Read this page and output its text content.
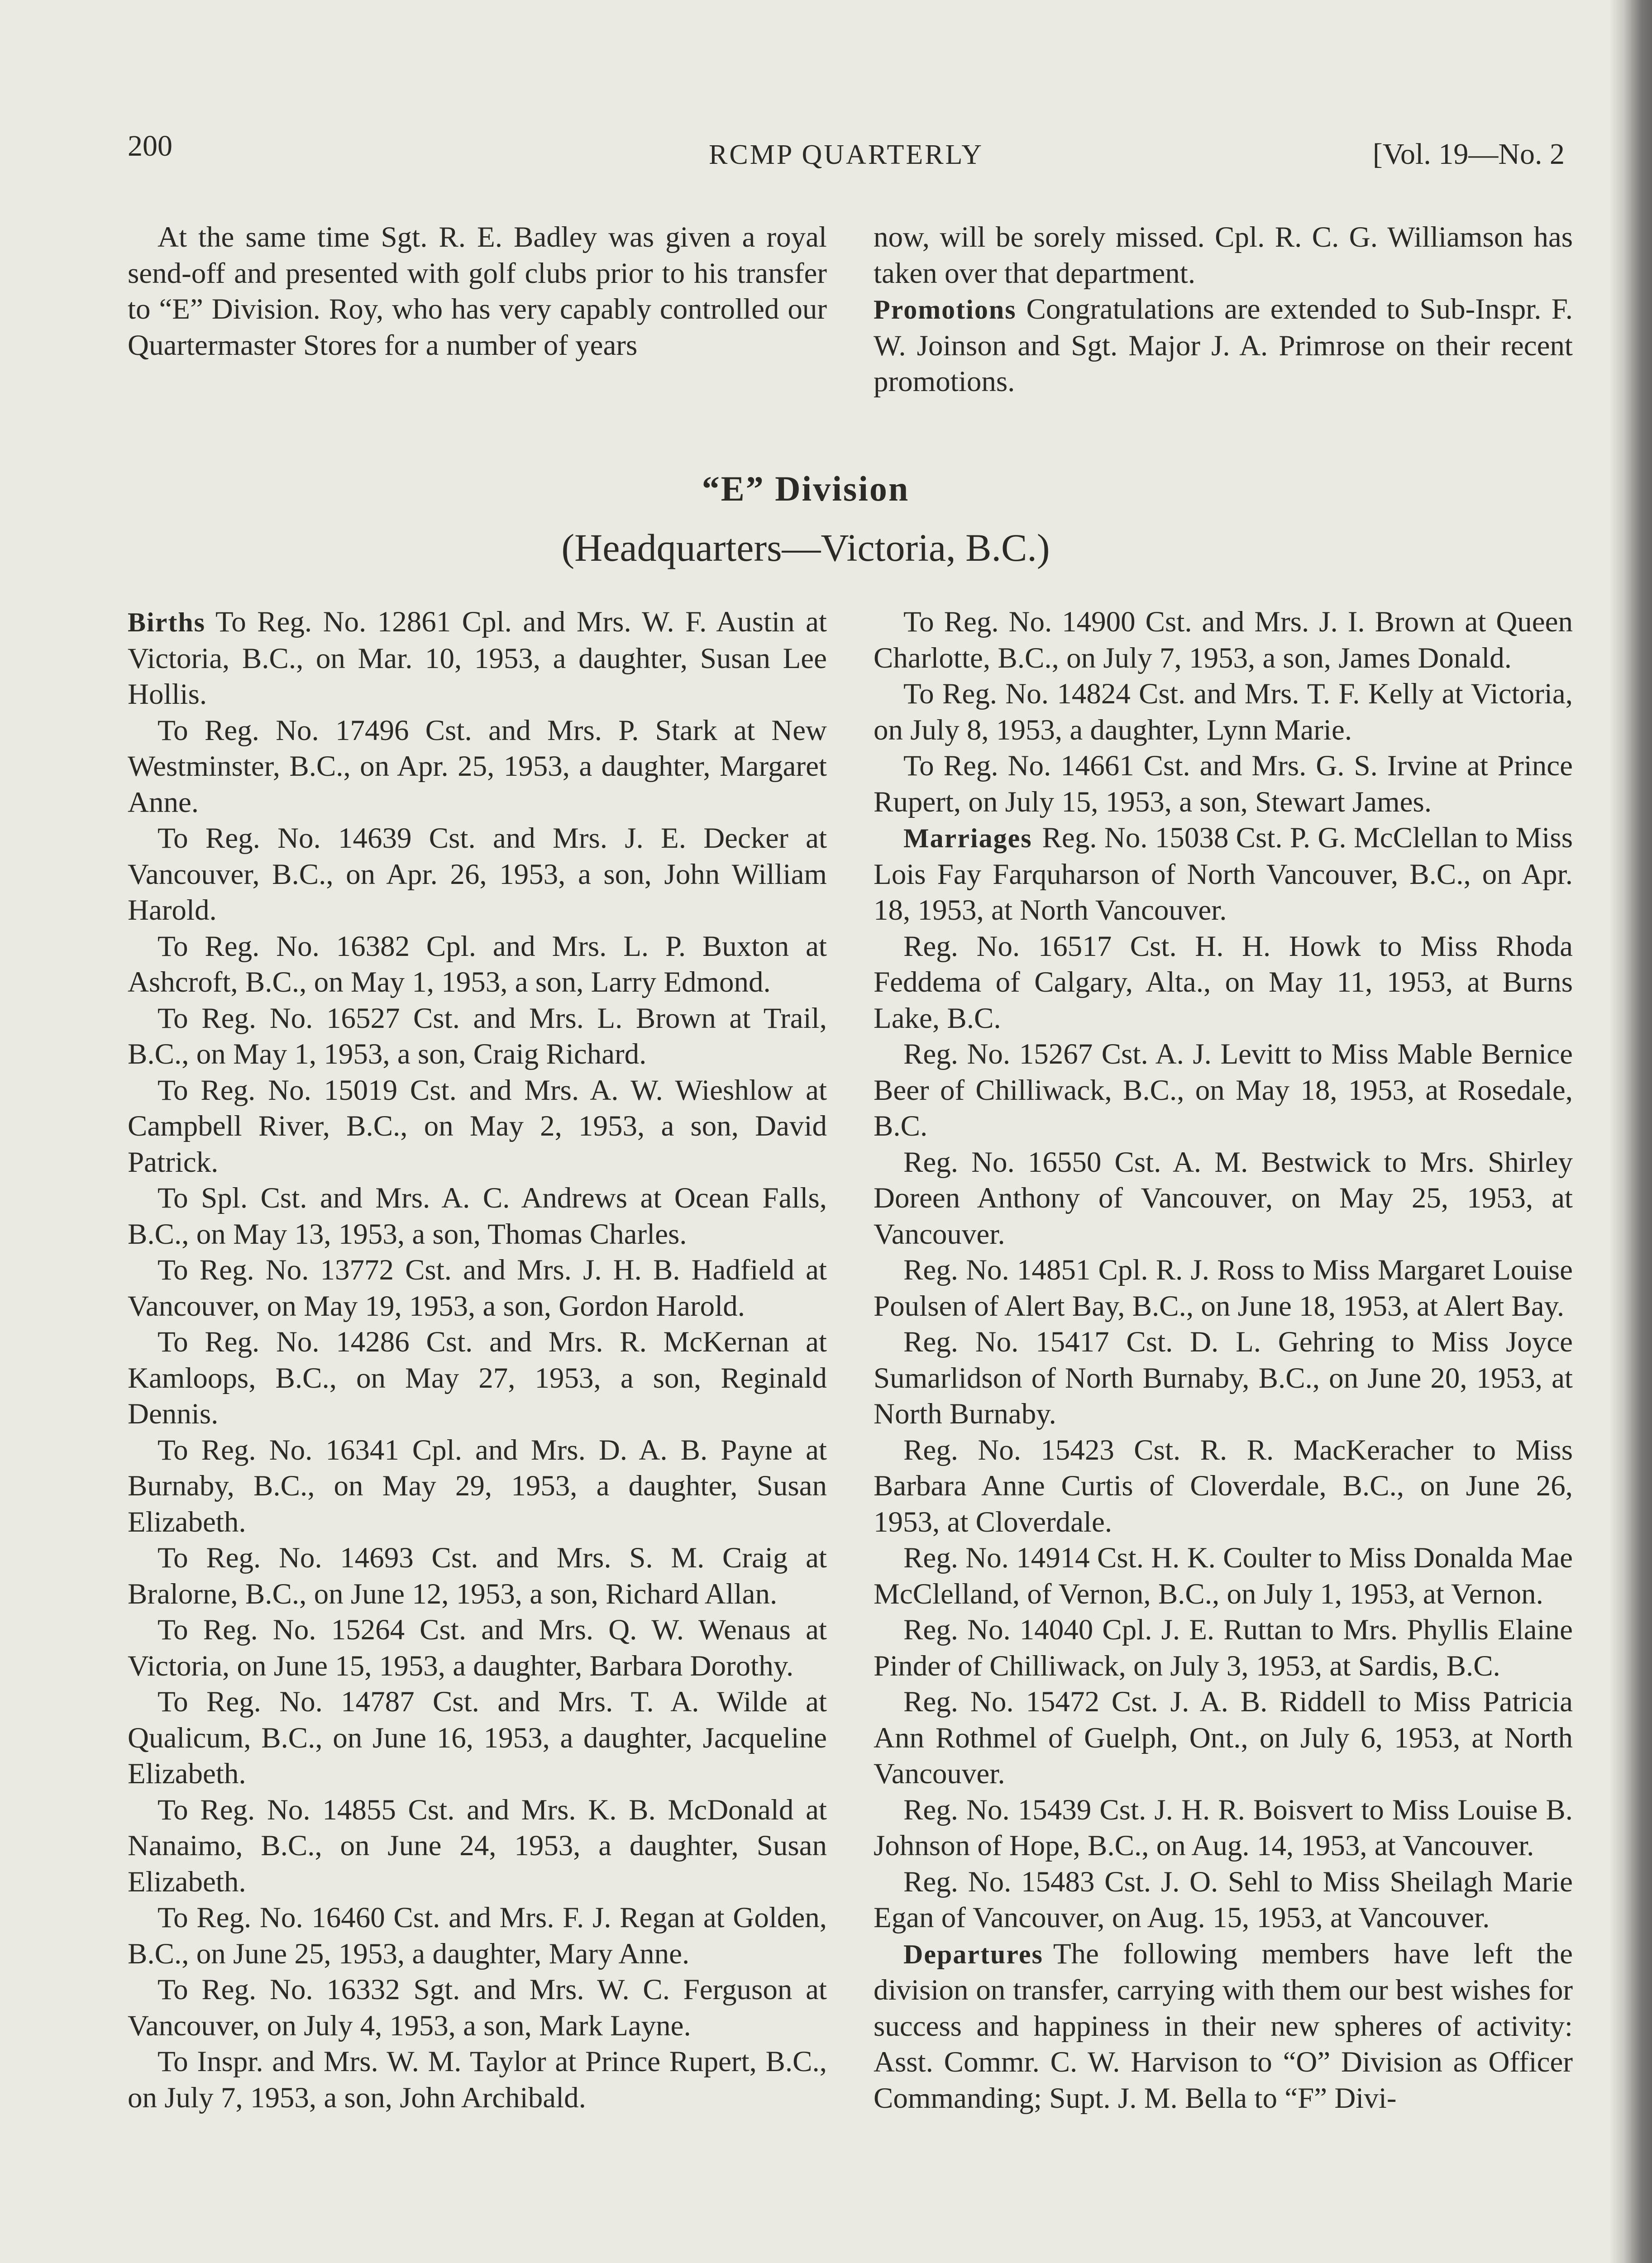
200	RCMP QUARTERLY	[Vol. 19—No. 2

At the same time Sgt. R. E. Badley was given a royal send-off and presented with golf clubs prior to his transfer to “E” Division. Roy, who has very capably controlled our Quartermaster Stores for a number of years

now, will be sorely missed. Cpl. R. C. G. Williamson has taken over that department.

Promotions Congratulations are extended to Sub-Inspr. F. W. Joinson and Sgt. Major J. A. Primrose on their recent promotions.

“E” Division
(Headquarters—Victoria, B.C.)

Births To Reg. No. 12861 Cpl. and Mrs. W. F. Austin at Victoria, B.C., on Mar. 10, 1953, a daughter, Susan Lee Hollis.

To Reg. No. 17496 Cst. and Mrs. P. Stark at New Westminster, B.C., on Apr. 25, 1953, a daughter, Margaret Anne.

To Reg. No. 14639 Cst. and Mrs. J. E. Decker at Vancouver, B.C., on Apr. 26, 1953, a son, John William Harold.

To Reg. No. 16382 Cpl. and Mrs. L. P. Buxton at Ashcroft, B.C., on May 1, 1953, a son, Larry Edmond.

To Reg. No. 16527 Cst. and Mrs. L. Brown at Trail, B.C., on May 1, 1953, a son, Craig Richard.

To Reg. No. 15019 Cst. and Mrs. A. W. Wieshlow at Campbell River, B.C., on May 2, 1953, a son, David Patrick.

To Spl. Cst. and Mrs. A. C. Andrews at Ocean Falls, B.C., on May 13, 1953, a son, Thomas Charles.

To Reg. No. 13772 Cst. and Mrs. J. H. B. Hadfield at Vancouver, on May 19, 1953, a son, Gordon Harold.

To Reg. No. 14286 Cst. and Mrs. R. McKernan at Kamloops, B.C., on May 27, 1953, a son, Reginald Dennis.

To Reg. No. 16341 Cpl. and Mrs. D. A. B. Payne at Burnaby, B.C., on May 29, 1953, a daughter, Susan Elizabeth.

To Reg. No. 14693 Cst. and Mrs. S. M. Craig at Bralorne, B.C., on June 12, 1953, a son, Richard Allan.

To Reg. No. 15264 Cst. and Mrs. Q. W. Wenaus at Victoria, on June 15, 1953, a daughter, Barbara Dorothy.

To Reg. No. 14787 Cst. and Mrs. T. A. Wilde at Qualicum, B.C., on June 16, 1953, a daughter, Jacqueline Elizabeth.

To Reg. No. 14855 Cst. and Mrs. K. B. McDonald at Nanaimo, B.C., on June 24, 1953, a daughter, Susan Elizabeth.

To Reg. No. 16460 Cst. and Mrs. F. J. Regan at Golden, B.C., on June 25, 1953, a daughter, Mary Anne.

To Reg. No. 16332 Sgt. and Mrs. W. C. Ferguson at Vancouver, on July 4, 1953, a son, Mark Layne.

To Inspr. and Mrs. W. M. Taylor at Prince Rupert, B.C., on July 7, 1953, a son, John Archibald.

To Reg. No. 14900 Cst. and Mrs. J. I. Brown at Queen Charlotte, B.C., on July 7, 1953, a son, James Donald.

To Reg. No. 14824 Cst. and Mrs. T. F. Kelly at Victoria, on July 8, 1953, a daughter, Lynn Marie.

To Reg. No. 14661 Cst. and Mrs. G. S. Irvine at Prince Rupert, on July 15, 1953, a son, Stewart James.

Marriages Reg. No. 15038 Cst. P. G. McClellan to Miss Lois Fay Farquharson of North Vancouver, B.C., on Apr. 18, 1953, at North Vancouver.

Reg. No. 16517 Cst. H. H. Howk to Miss Rhoda Feddema of Calgary, Alta., on May 11, 1953, at Burns Lake, B.C.

Reg. No. 15267 Cst. A. J. Levitt to Miss Mable Bernice Beer of Chilliwack, B.C., on May 18, 1953, at Rosedale, B.C.

Reg. No. 16550 Cst. A. M. Bestwick to Mrs. Shirley Doreen Anthony of Vancouver, on May 25, 1953, at Vancouver.

Reg. No. 14851 Cpl. R. J. Ross to Miss Margaret Louise Poulsen of Alert Bay, B.C., on June 18, 1953, at Alert Bay.

Reg. No. 15417 Cst. D. L. Gehring to Miss Joyce Sumarlidson of North Burnaby, B.C., on June 20, 1953, at North Burnaby.

Reg. No. 15423 Cst. R. R. MacKeracher to Miss Barbara Anne Curtis of Cloverdale, B.C., on June 26, 1953, at Cloverdale.

Reg. No. 14914 Cst. H. K. Coulter to Miss Donalda Mae McClelland, of Vernon, B.C., on July 1, 1953, at Vernon.

Reg. No. 14040 Cpl. J. E. Ruttan to Mrs. Phyllis Elaine Pinder of Chilliwack, on July 3, 1953, at Sardis, B.C.

Reg. No. 15472 Cst. J. A. B. Riddell to Miss Patricia Ann Rothmel of Guelph, Ont., on July 6, 1953, at North Vancouver.

Reg. No. 15439 Cst. J. H. R. Boisvert to Miss Louise B. Johnson of Hope, B.C., on Aug. 14, 1953, at Vancouver.

Reg. No. 15483 Cst. J. O. Sehl to Miss Sheilagh Marie Egan of Vancouver, on Aug. 15, 1953, at Vancouver.

Departures The following members have left the division on transfer, carrying with them our best wishes for success and happiness in their new spheres of activity: Asst. Commr. C. W. Harvison to “O” Division as Officer Commanding; Supt. J. M. Bella to “F” Divi-
